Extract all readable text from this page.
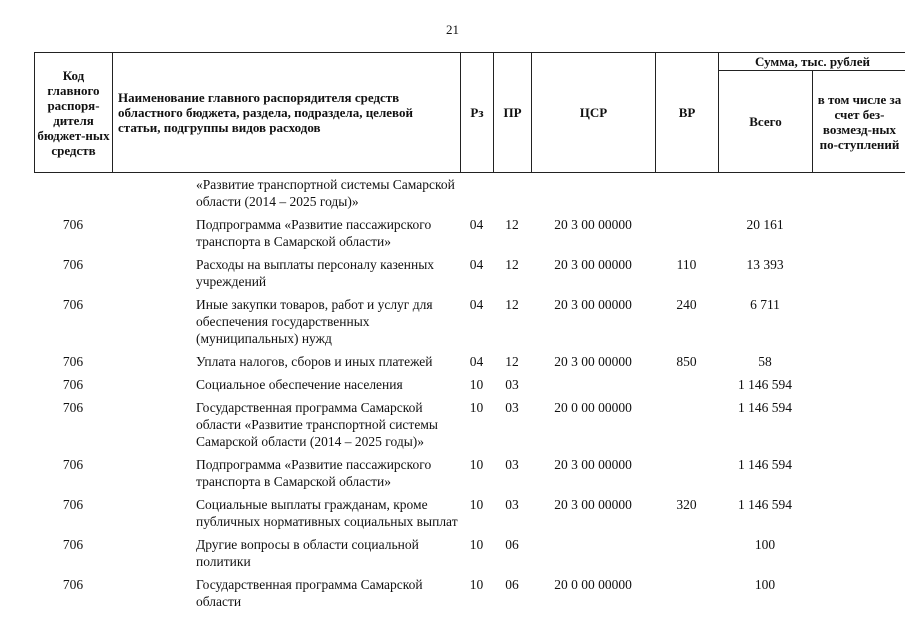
21
Код главного распоря-дителя бюджет-ных средств	Наименование главного распорядителя средств областного бюджета, раздела, подраздела, целевой статьи, подгруппы видов расходов	Рз	ПР	ЦСР	ВР	Сумма, тыс. рублей	
						Всего	в том числе за счет без-возмезд-ных по-ступлений
	«Развитие транспортной системы Самарской области (2014 – 2025 годы)»						
706	Подпрограмма «Развитие пассажирского транспорта в Самарской области»	04	12	20 3 00 00000		20 161	
706	Расходы на выплаты персоналу казенных учреждений	04	12	20 3 00 00000	110	13 393	
706	Иные закупки товаров, работ и услуг для обеспечения государственных (муниципальных) нужд	04	12	20 3 00 00000	240	6 711	
706	Уплата налогов, сборов и иных платежей	04	12	20 3 00 00000	850	58	
706	Социальное обеспечение населения	10	03			1 146 594	
706	Государственная программа Самарской области «Развитие транспортной системы Самарской области (2014 – 2025 годы)»	10	03	20 0 00 00000		1 146 594	
706	Подпрограмма «Развитие пассажирского транспорта в Самарской области»	10	03	20 3 00 00000		1 146 594	
706	Социальные выплаты гражданам, кроме публичных нормативных социальных выплат	10	03	20 3 00 00000	320	1 146 594	
706	Другие вопросы в области социальной политики	10	06			100	
706	Государственная программа Самарской области	10	06	20 0 00 00000		100	
